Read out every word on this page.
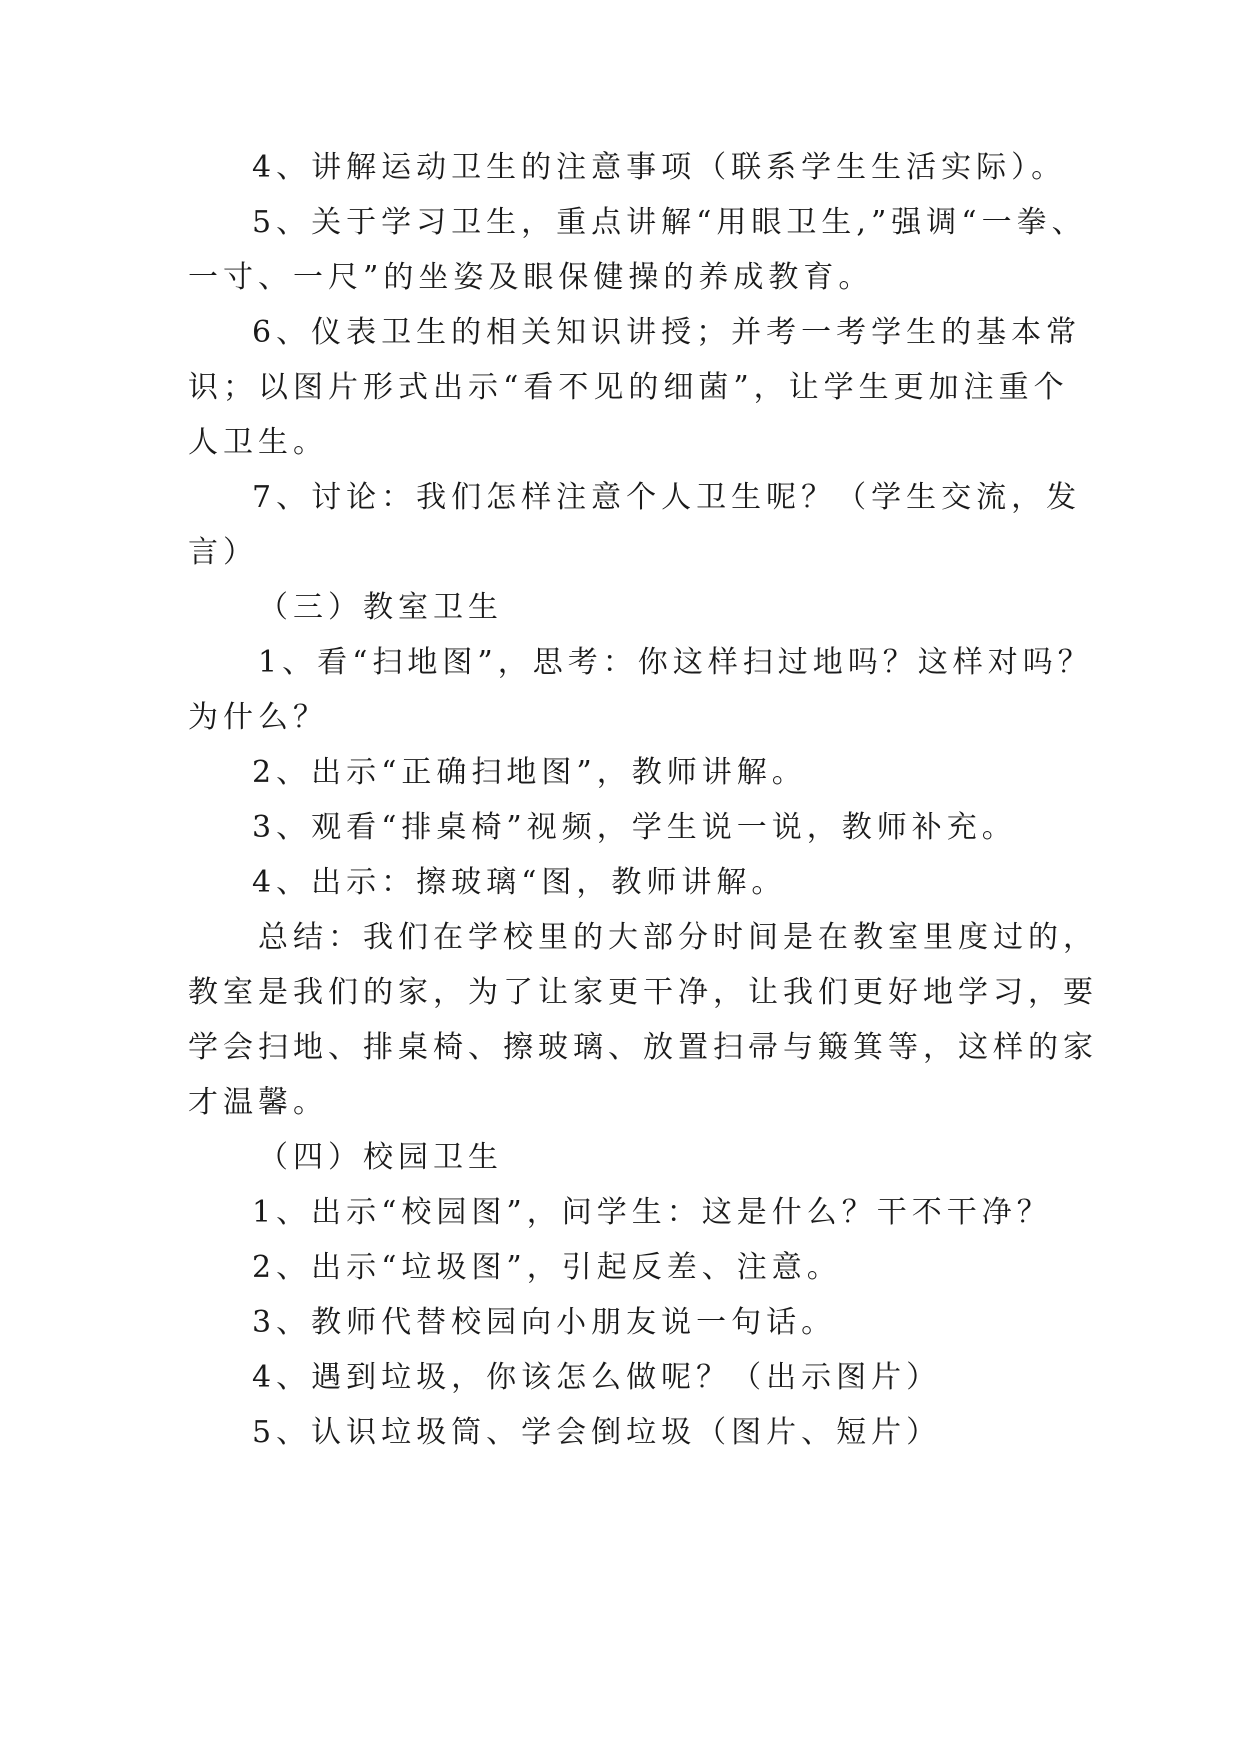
4、讲解运动卫生的注意事项（联系学生生活实际）。
5、关于学习卫生，重点讲解“用眼卫生,”强调“一拳、
一寸、一尺”的坐姿及眼保健操的养成教育。
6、仪表卫生的相关知识讲授；并考一考学生的基本常
识；以图片形式出示“看不见的细菌”，让学生更加注重个
人卫生。
7、讨论：我们怎样注意个人卫生呢？（学生交流，发
言）
（三）教室卫生
1、看“扫地图”，思考：你这样扫过地吗？这样对吗？
为什么？
2、出示“正确扫地图”，教师讲解。
3、观看“排桌椅”视频，学生说一说，教师补充。
4、出示：擦玻璃“图，教师讲解。
总结：我们在学校里的大部分时间是在教室里度过的，
教室是我们的家，为了让家更干净，让我们更好地学习，要
学会扫地、排桌椅、擦玻璃、放置扫帚与簸箕等，这样的家
才温馨。
（四）校园卫生
1、出示“校园图”，问学生：这是什么？干不干净？
2、出示“垃圾图”，引起反差、注意。
3、教师代替校园向小朋友说一句话。
4、遇到垃圾，你该怎么做呢？（出示图片）
5、认识垃圾筒、学会倒垃圾（图片、短片）
